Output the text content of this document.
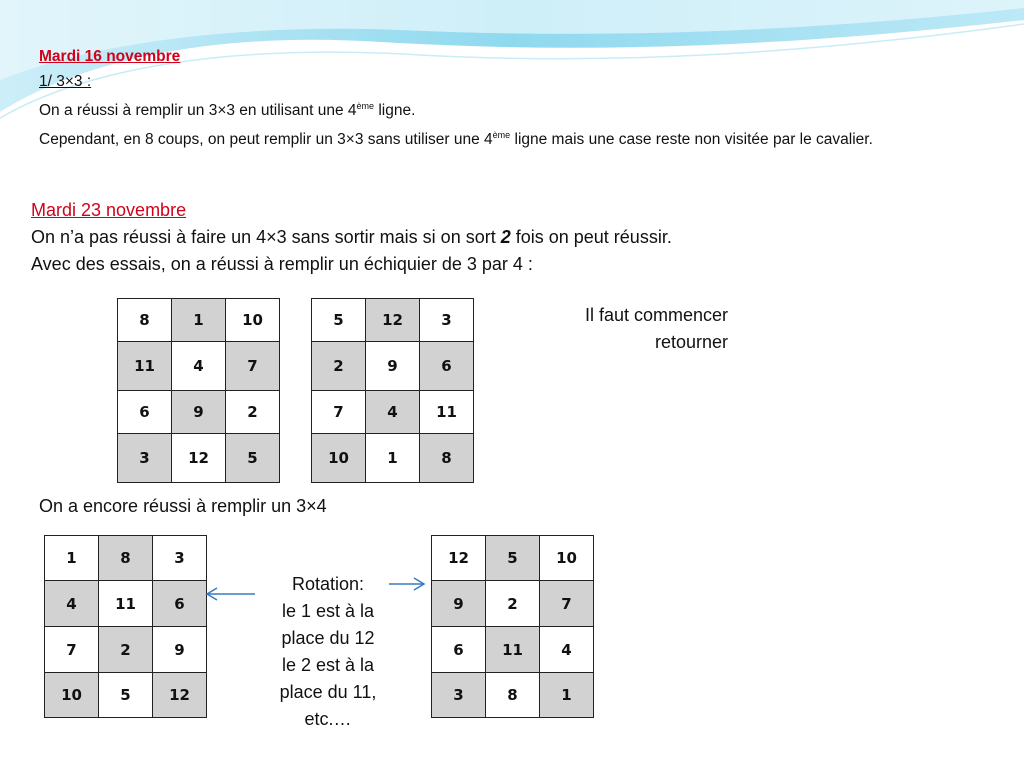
Mardi 16 novembre
1/ 3×3 :
On a réussi à remplir un 3×3 en utilisant une 4ème ligne.
Cependant, en 8 coups, on peut remplir un 3×3 sans utiliser une 4ème ligne mais une case reste non visitée par le cavalier.
Mardi 23 novembre
On n’a pas réussi à faire un 4×3 sans sortir mais si on sort 2 fois on peut réussir.
Avec des essais, on a réussi à remplir un échiquier de 3 par 4 :
Il faut commencer
retourner
On a encore réussi à remplir un 3×4
8	1	10
11	4	7
6	9	2
3	12	5
5	12	3
2	9	6
7	4	11
10	1	8
1	8	3
4	11	6
7	2	9
10	5	12
12	5	10
9	2	7
6	11	4
3	8	1
Rotation:
le 1 est à la
place du 12
le 2 est à la
place du 11,
etc.…
